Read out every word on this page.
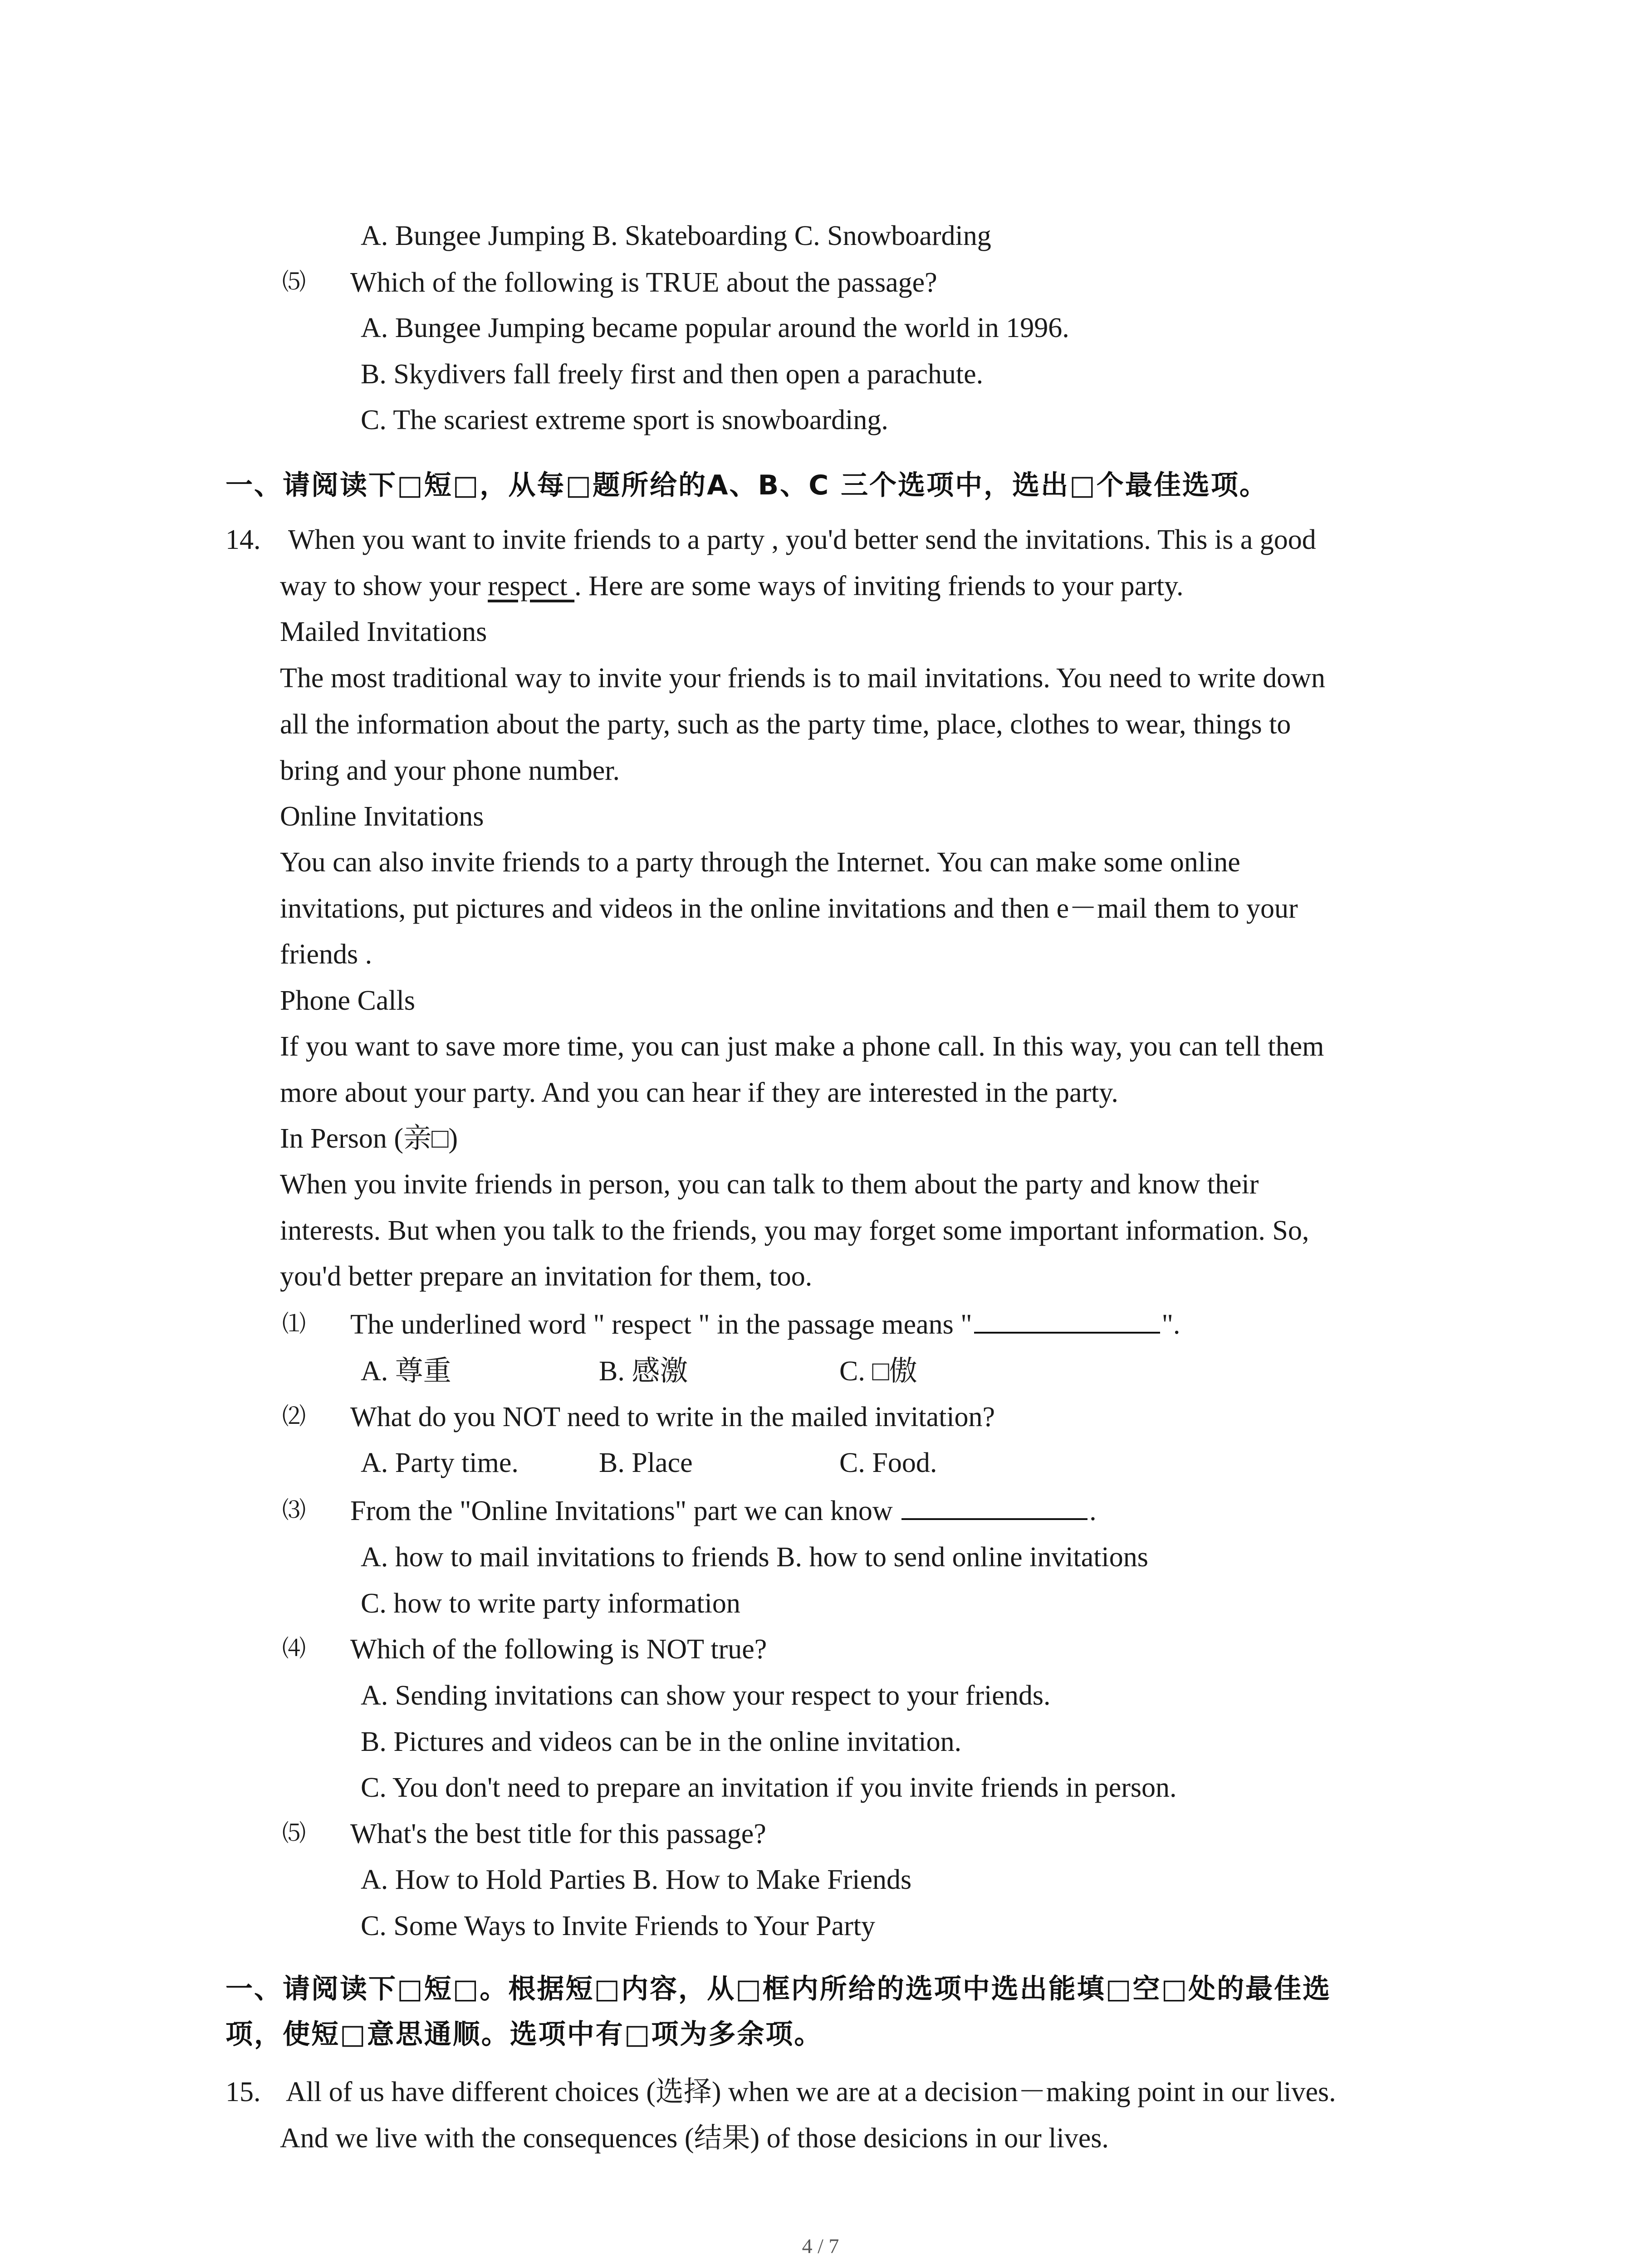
A. Bungee Jumping B. Skateboarding C. Snowboarding
⑸ Which of the following is TRUE about the passage?
A. Bungee Jumping became popular around the world in 1996.
B. Skydivers fall freely first and then open a parachute.
C. The scariest extreme sport is snowboarding.
一、请阅读下□短□，从每□题所给的A、B、C 三个选项中，选出□个最佳选项。
14. When you want to invite friends to a party , you'd better send the invitations. This is a good
way to show your respect . Here are some ways of inviting friends to your party.
Mailed Invitations
The most traditional way to invite your friends is to mail invitations. You need to write down
all the information about the party, such as the party time, place, clothes to wear, things to
bring and your phone number.
Online Invitations
You can also invite friends to a party through the Internet. You can make some online
invitations, put pictures and videos in the online invitations and then e－mail them to your
friends .
Phone Calls
If you want to save more time, you can just make a phone call. In this way, you can tell them
more about your party. And you can hear if they are interested in the party.
In Person (亲□)
When you invite friends in person, you can talk to them about the party and know their
interests. But when you talk to the friends, you may forget some important information. So,
you'd better prepare an invitation for them, too.
⑴ The underlined word " respect " in the passage means "	".
A. 尊重	B. 感激	C. □傲
⑵ What do you NOT need to write in the mailed invitation?
A. Party time.	B. Place	C. Food.
⑶ From the "Online Invitations" part we can know	.
A. how to mail invitations to friends B. how to send online invitations
C. how to write party information
⑷ Which of the following is NOT true?
A. Sending invitations can show your respect to your friends.
B. Pictures and videos can be in the online invitation.
C. You don't need to prepare an invitation if you invite friends in person.
⑸ What's the best title for this passage?
A. How to Hold Parties B. How to Make Friends
C. Some Ways to Invite Friends to Your Party
一、请阅读下□短□。根据短□内容，从□框内所给的选项中选出能填□空□处的最佳选
项，使短□意思通顺。选项中有□项为多余项。
15. All of us have different choices (选择) when we are at a decision－making point in our lives.
And we live with the consequences (结果) of those desicions in our lives.
4 / 7
